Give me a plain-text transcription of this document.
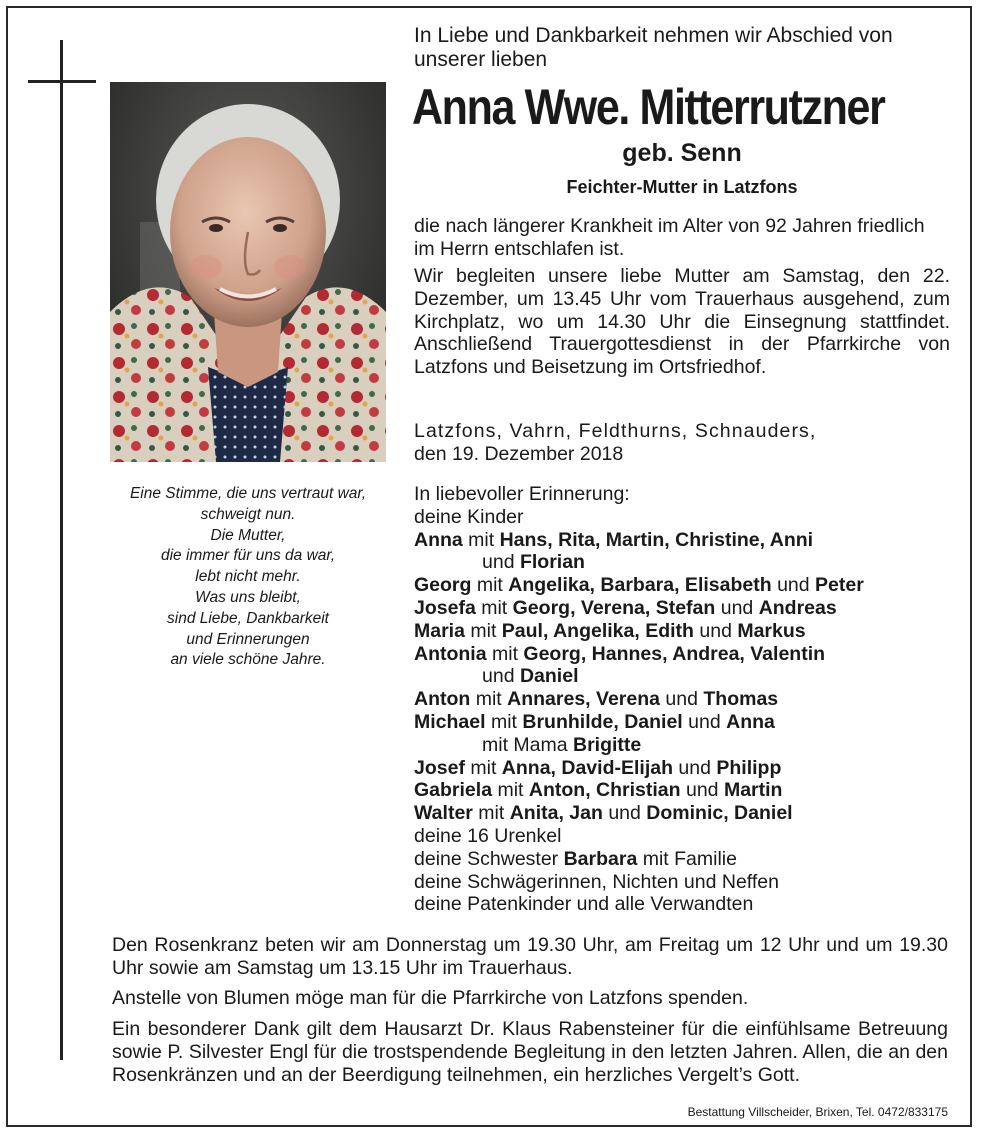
Eine Stimme, die uns vertraut war,
schweigt nun.
Die Mutter,
die immer für uns da war,
lebt nicht mehr.
Was uns bleibt,
sind Liebe, Dankbarkeit
und Erinnerungen
an viele schöne Jahre.
In Liebe und Dankbarkeit nehmen wir Abschied von unserer lieben
Anna Wwe. Mitterrutzner
geb. Senn
Feichter-Mutter in Latzfons
die nach längerer Krankheit im Alter von 92 Jahren friedlich im Herrn entschlafen ist.
Wir begleiten unsere liebe Mutter am Samstag, den 22. Dezember, um 13.45 Uhr vom Trauerhaus ausgehend, zum Kirchplatz, wo um 14.30 Uhr die Einsegnung stattfindet. Anschließend Trauergottesdienst in der Pfarrkirche von Latzfons und Beisetzung im Ortsfriedhof.
Latzfons, Vahrn, Feldthurns, Schnauders,
den 19. Dezember 2018
In liebevoller Erinnerung:
deine Kinder
Anna mit Hans, Rita, Martin, Christine, Anni
und Florian
Georg mit Angelika, Barbara, Elisabeth und Peter
Josefa mit Georg, Verena, Stefan und Andreas
Maria mit Paul, Angelika, Edith und Markus
Antonia mit Georg, Hannes, Andrea, Valentin
und Daniel
Anton mit Annares, Verena und Thomas
Michael mit Brunhilde, Daniel und Anna
mit Mama Brigitte
Josef mit Anna, David-Elijah und Philipp
Gabriela mit Anton, Christian und Martin
Walter mit Anita, Jan und Dominic, Daniel
deine 16 Urenkel
deine Schwester Barbara mit Familie
deine Schwägerinnen, Nichten und Neffen
deine Patenkinder und alle Verwandten
Den Rosenkranz beten wir am Donnerstag um 19.30 Uhr, am Freitag um 12 Uhr und um 19.30 Uhr sowie am Samstag um 13.15 Uhr im Trauerhaus.
Anstelle von Blumen möge man für die Pfarrkirche von Latzfons spenden.
Ein besonderer Dank gilt dem Hausarzt Dr. Klaus Rabensteiner für die einfühlsame Betreuung sowie P. Silvester Engl für die trostspendende Begleitung in den letzten Jahren. Allen, die an den Rosenkränzen und an der Beerdigung teilnehmen, ein herzliches Vergelt’s Gott.
Bestattung Villscheider, Brixen, Tel. 0472/833175
